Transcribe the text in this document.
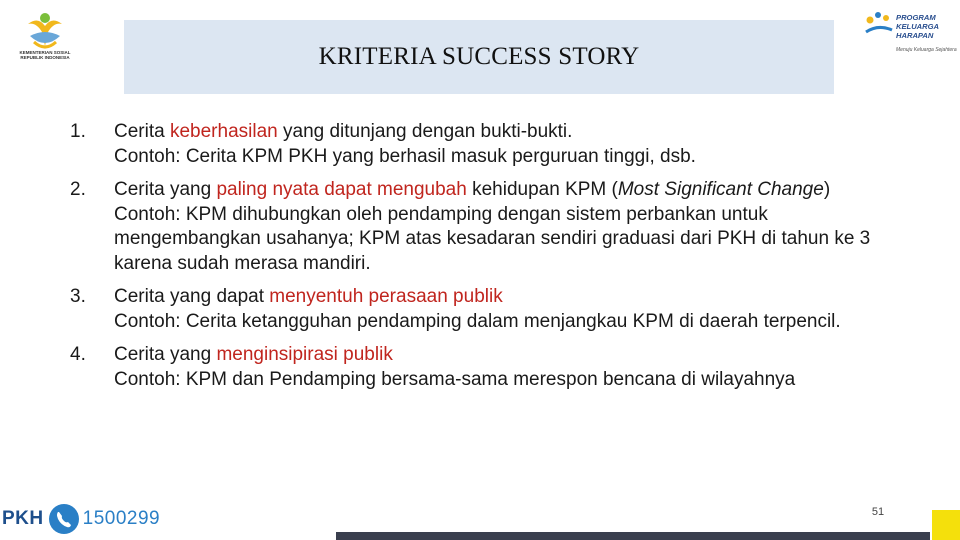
KEMENTERIAN SOSIAL REPUBLIK INDONESIA
PROGRAM KELUARGA HARAPAN
Menuju Keluarga Sejahtera
KRITERIA SUCCESS STORY
1.	Cerita keberhasilan yang ditunjang dengan bukti-bukti.
Contoh: Cerita KPM PKH yang berhasil masuk perguruan tinggi, dsb.
2.	Cerita yang paling nyata dapat mengubah kehidupan KPM (Most Significant Change)
Contoh: KPM dihubungkan oleh pendamping dengan sistem perbankan untuk mengembangkan usahanya; KPM atas kesadaran sendiri graduasi dari PKH di tahun ke 3 karena sudah merasa mandiri.
3.	Cerita yang dapat menyentuh perasaan publik
Contoh: Cerita ketangguhan pendamping dalam menjangkau KPM di daerah terpencil.
4.	Cerita yang menginsipirasi publik
Contoh: KPM dan Pendamping bersama-sama merespon bencana di wilayahnya
PKH 1500299	51
